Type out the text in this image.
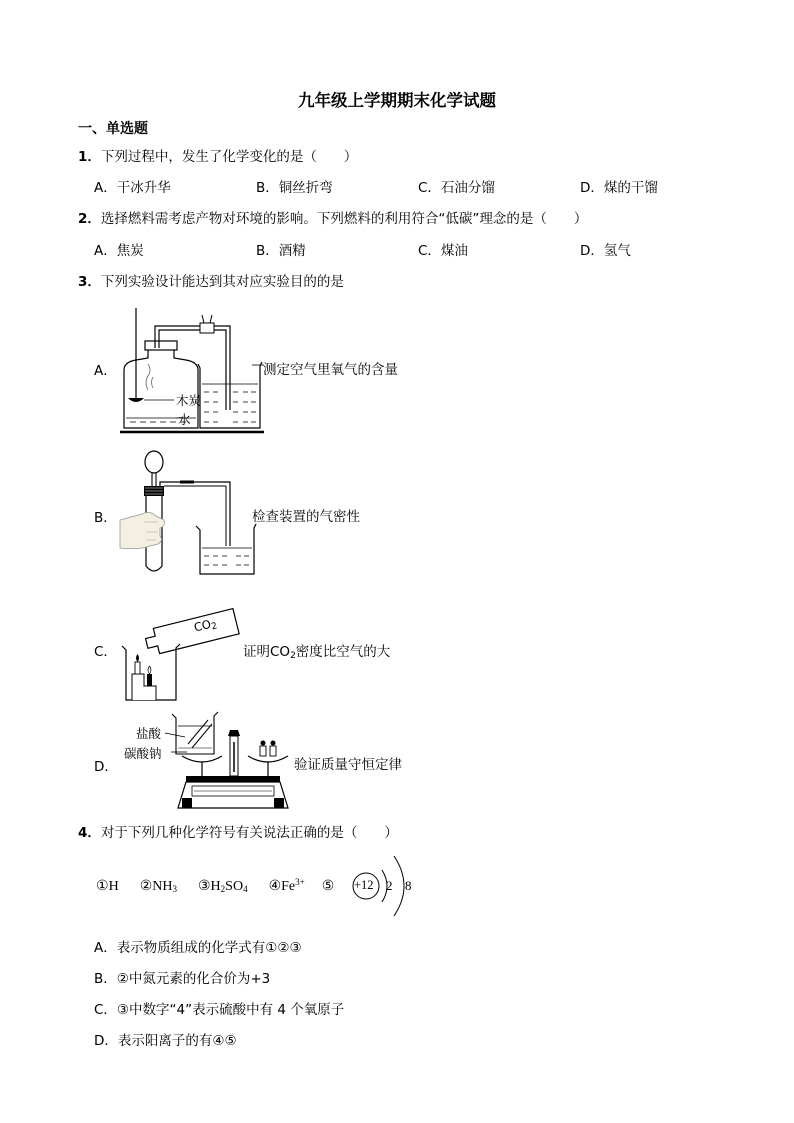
九年级上学期期末化学试题
一、单选题
1．下列过程中，发生了化学变化的是（　　）
A．干冰升华	B．铜丝折弯	C．石油分馏	D．煤的干馏
2．选择燃料需考虑产物对环境的影响。下列燃料的利用符合“低碳”理念的是（　　）
A．焦炭	B．酒精	C．煤油	D．氢气
3．下列实验设计能达到其对应实验目的的是
A．
木炭
水
测定空气里氧气的含量
B．	检查装置的气密性
C．
$CO_2$
证明$CO_2$密度比空气的大
D．
盐酸
碳酸钠
验证质量守恒定律
4．对于下列几种化学符号有关说法正确的是（　　）
①H $②NH_3$ $③H_2SO_4$ $④Fe^{3+}$ ⑤ +12 2 8
A．表示物质组成的化学式有①②③
B．②中氮元素的化合价为+3
C．③中数字“4”表示硫酸中有 4 个氧原子
D．表示阳离子的有④⑤
